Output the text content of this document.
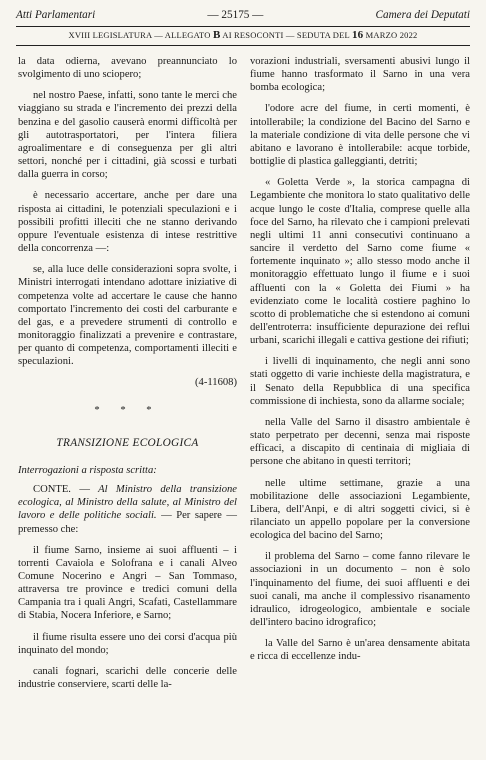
Atti Parlamentari	— 25175 —	Camera dei Deputati
XVIII LEGISLATURA — ALLEGATO B AI RESOCONTI — SEDUTA DEL 16 MARZO 2022

la data odierna, avevano preannunciato lo svolgimento di uno sciopero;

nel nostro Paese, infatti, sono tante le merci che viaggiano su strada e l'incremento dei prezzi della benzina e del gasolio causerà enormi difficoltà per gli autotrasportatori, per l'intera filiera agroalimentare e di conseguenza per gli altri settori, nonché per i cittadini, già scossi e turbati dalla guerra in corso;

è necessario accertare, anche per dare una risposta ai cittadini, le potenziali speculazioni e i possibili profitti illeciti che ne stanno derivando oppure l'eventuale esistenza di intese restrittive della concorrenza —:

se, alla luce delle considerazioni sopra svolte, i Ministri interrogati intendano adottare iniziative di competenza volte ad accertare le cause che hanno comportato l'incremento dei costi del carburante e del gas, e a prevedere strumenti di controllo e monitoraggio finalizzati a prevenire e contrastare, per quanto di competenza, comportamenti illeciti e speculazioni.

(4-11608)
* * *
TRANSIZIONE ECOLOGICA
Interrogazioni a risposta scritta:

CONTE. — Al Ministro della transizione ecologica, al Ministro della salute, al Ministro del lavoro e delle politiche sociali. — Per sapere — premesso che:

il fiume Sarno, insieme ai suoi affluenti – i torrenti Cavaiola e Solofrana e i canali Alveo Comune Nocerino e Angri – San Tommaso, attraversa tre province e tredici comuni della Campania tra i quali Angri, Scafati, Castellammare di Stabia, Nocera Inferiore, e Sarno;

il fiume risulta essere uno dei corsi d'acqua più inquinato del mondo;

canali fognari, scarichi delle concerie delle industrie conserviere, scarti delle la-

vorazioni industriali, sversamenti abusivi lungo il fiume hanno trasformato il Sarno in una vera bomba ecologica;

l'odore acre del fiume, in certi momenti, è intollerabile; la condizione del Bacino del Sarno e la materiale condizione di vita delle persone che vi abitano e lavorano è intollerabile: acque torbide, bottiglie di plastica galleggianti, detriti;

« Goletta Verde », la storica campagna di Legambiente che monitora lo stato qualitativo delle acque lungo le coste d'Italia, comprese quelle alla foce del Sarno, ha rilevato che i campioni prelevati negli ultimi 11 anni consecutivi continuano a sancire il verdetto del Sarno come fiume « fortemente inquinato »; allo stesso modo anche il monitoraggio effettuato lungo il fiume e i suoi affluenti con la « Goletta dei Fiumi » ha evidenziato come le località costiere paghino lo scotto di problematiche che si estendono ai comuni dell'entroterra: insufficiente depurazione dei reflui urbani, scarichi illegali e cattiva gestione dei rifiuti;

i livelli di inquinamento, che negli anni sono stati oggetto di varie inchieste della magistratura, e il Senato della Repubblica di una specifica commissione di inchiesta, sono da allarme sociale;

nella Valle del Sarno il disastro ambientale è stato perpetrato per decenni, senza mai risposte efficaci, a discapito di centinaia di migliaia di persone che abitano in questi territori;

nelle ultime settimane, grazie a una mobilitazione delle associazioni Legambiente, Libera, dell'Anpi, e di altri soggetti civici, si è rilanciato un appello popolare per la conversione ecologica del bacino del Sarno;

il problema del Sarno – come fanno rilevare le associazioni in un documento – non è solo l'inquinamento del fiume, dei suoi affluenti e dei suoi canali, ma anche il complessivo risanamento idraulico, idrogeologico, ambientale e sociale dell'intero bacino idrografico;

la Valle del Sarno è un'area densamente abitata e ricca di eccellenze indu-
